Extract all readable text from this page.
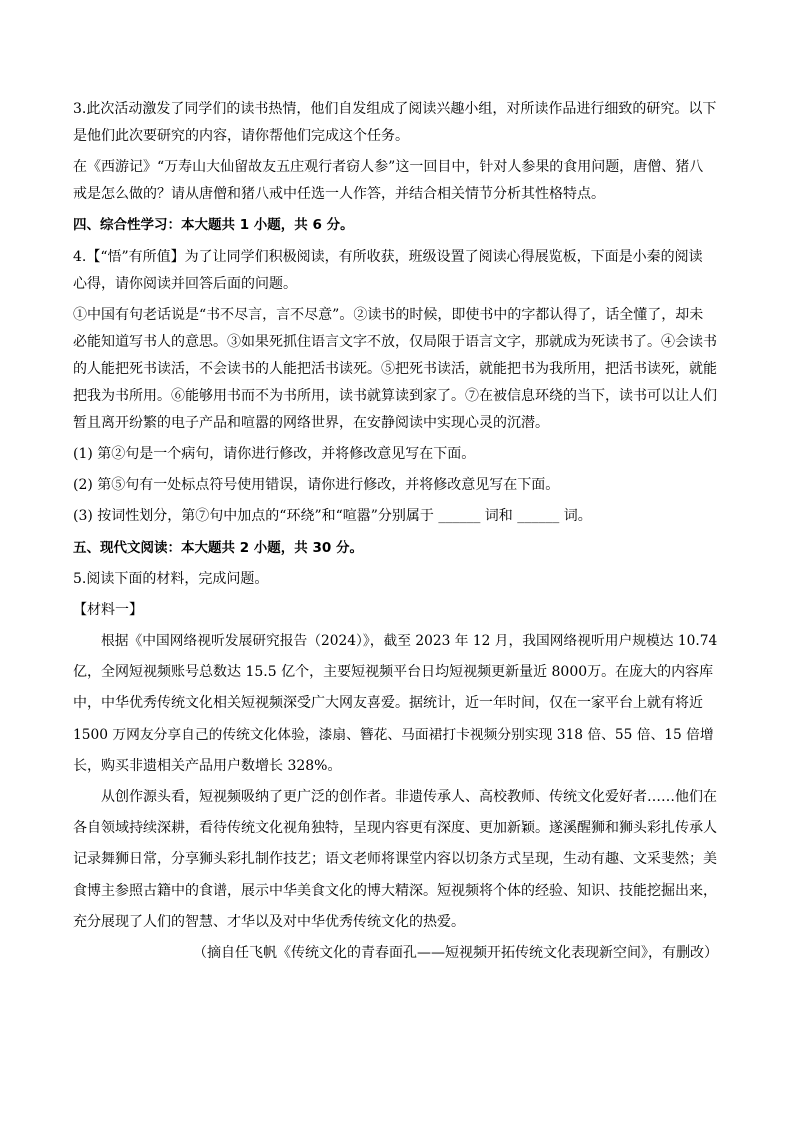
3.此次活动激发了同学们的读书热情，他们自发组成了阅读兴趣小组，对所读作品进行细致的研究。以下
是他们此次要研究的内容，请你帮他们完成这个任务。
在《西游记》“万寿山大仙留故友五庄观行者窃人参”这一回目中，针对人参果的食用问题，唐僧、猪八
戒是怎么做的？请从唐僧和猪八戒中任选一人作答，并结合相关情节分析其性格特点。
四、综合性学习：本大题共 1 小题，共 6 分。
4.【“悟”有所值】为了让同学们积极阅读，有所收获，班级设置了阅读心得展览板，下面是小秦的阅读
心得，请你阅读并回答后面的问题。
①中国有句老话说是“书不尽言，言不尽意”。②读书的时候，即使书中的字都认得了，话全懂了，却未
必能知道写书人的意思。③如果死抓住语言文字不放，仅局限于语言文字，那就成为死读书了。④会读书
的人能把死书读活，不会读书的人能把活书读死。⑤把死书读活，就能把书为我所用，把活书读死，就能
把我为书所用。⑥能够用书而不为书所用，读书就算读到家了。⑦在被信息环绕的当下，读书可以让人们
暂且离开纷繁的电子产品和喧嚣的网络世界，在安静阅读中实现心灵的沉潜。
(1) 第②句是一个病句，请你进行修改，并将修改意见写在下面。
(2) 第⑤句有一处标点符号使用错误，请你进行修改，并将修改意见写在下面。
(3) 按词性划分，第⑦句中加点的“环绕”和“喧嚣”分别属于 ______ 词和 ______ 词。
五、现代文阅读：本大题共 2 小题，共 30 分。
5.阅读下面的材料，完成问题。
【材料一】
根据《中国网络视听发展研究报告（2024）》，截至 2023 年 12 月，我国网络视听用户规模达 10.74
亿，全网短视频账号总数达 15.5 亿个，主要短视频平台日均短视频更新量近 8000万。在庞大的内容库
中，中华优秀传统文化相关短视频深受广大网友喜爱。据统计，近一年时间，仅在一家平台上就有将近
1500 万网友分享自己的传统文化体验，漆扇、簪花、马面裙打卡视频分别实现 318 倍、55 倍、15 倍增
长，购买非遗相关产品用户数增长 328%。
从创作源头看，短视频吸纳了更广泛的创作者。非遗传承人、高校教师、传统文化爱好者……他们在
各自领域持续深耕，看待传统文化视角独特，呈现内容更有深度、更加新颖。遂溪醒狮和狮头彩扎传承人
记录舞狮日常，分享狮头彩扎制作技艺；语文老师将课堂内容以切条方式呈现，生动有趣、文采斐然；美
食博主参照古籍中的食谱，展示中华美食文化的博大精深。短视频将个体的经验、知识、技能挖掘出来，
充分展现了人们的智慧、才华以及对中华优秀传统文化的热爱。
（摘自任飞帆《传统文化的青春面孔——短视频开拓传统文化表现新空间》，有删改）
